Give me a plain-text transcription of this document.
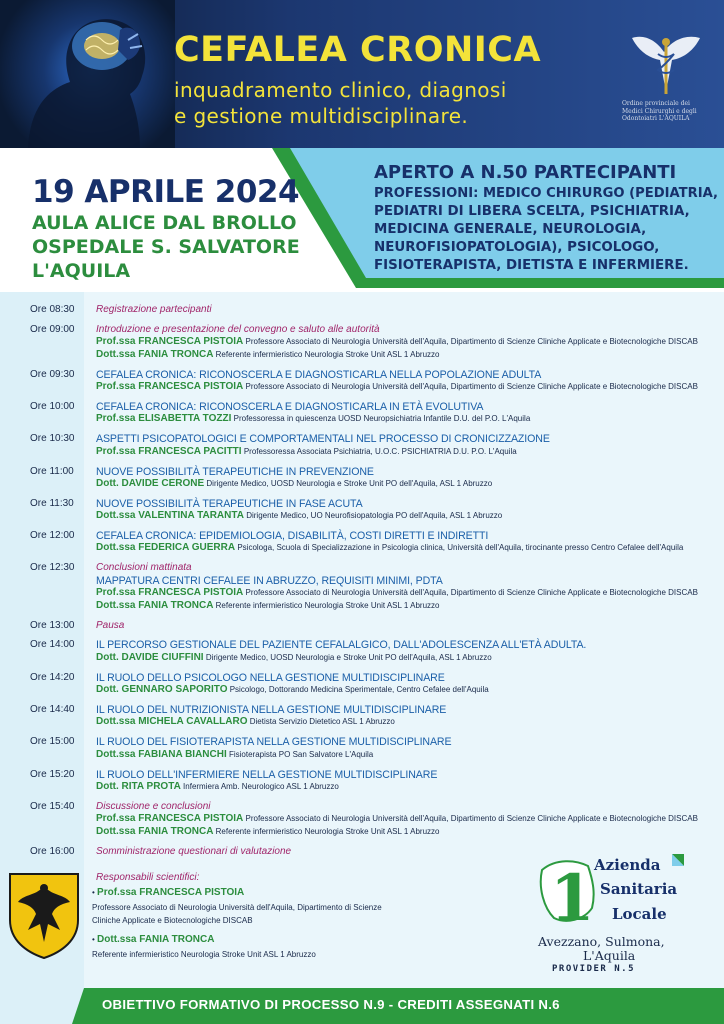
CEFALEA CRONICA
inquadramento clinico, diagnosi
e gestione multidisciplinare.
Ordine provinciale dei Medici Chirurghi e degli Odontoiatri L'AQUILA
19 APRILE 2024
AULA ALICE DAL BROLLO
OSPEDALE S. SALVATORE
L'AQUILA
APERTO A N.50 PARTECIPANTI
PROFESSIONI: MEDICO CHIRURGO (PEDIATRIA,
PEDIATRI DI LIBERA SCELTA, PSICHIATRIA,
MEDICINA GENERALE, NEUROLOGIA,
NEUROFISIOPATOLOGIA), PSICOLOGO,
FISIOTERAPISTA, DIETISTA E INFERMIERE.
Ore 08:30 Registrazione partecipanti
Ore 09:00 Introduzione e presentazione del convegno e saluto alle autorità
Prof.ssa FRANCESCA PISTOIA Professore Associato di Neurologia Università dell'Aquila, Dipartimento di Scienze Cliniche Applicate e Biotecnologiche DISCAB
Dott.ssa FANIA TRONCA Referente infermieristico Neurologia Stroke Unit ASL 1 Abruzzo
Ore 09:30 CEFALEA CRONICA: RICONOSCERLA E DIAGNOSTICARLA NELLA POPOLAZIONE ADULTA
Prof.ssa FRANCESCA PISTOIA Professore Associato di Neurologia Università dell'Aquila, Dipartimento di Scienze Cliniche Applicate e Biotecnologiche DISCAB
Ore 10:00 CEFALEA CRONICA: RICONOSCERLA E DIAGNOSTICARLA IN ETÀ EVOLUTIVA
Prof.ssa ELISABETTA TOZZI Professoressa in quiescenza UOSD Neuropsichiatria Infantile D.U. del P.O. L'Aquila
Ore 10:30 ASPETTI PSICOPATOLOGICI E COMPORTAMENTALI NEL PROCESSO DI CRONICIZZAZIONE
Prof.ssa FRANCESCA PACITTI Professoressa Associata Psichiatria, U.O.C. PSICHIATRIA D.U. P.O. L'Aquila
Ore 11:00 NUOVE POSSIBILITÀ TERAPEUTICHE IN PREVENZIONE
Dott. DAVIDE CERONE Dirigente Medico, UOSD Neurologia e Stroke Unit PO dell'Aquila, ASL 1 Abruzzo
Ore 11:30 NUOVE POSSIBILITÀ TERAPEUTICHE IN FASE ACUTA
Dott.ssa VALENTINA TARANTA Dirigente Medico, UO Neurofisiopatologia PO dell'Aquila, ASL 1 Abruzzo
Ore 12:00 CEFALEA CRONICA: EPIDEMIOLOGIA, DISABILITÀ, COSTI DIRETTI E INDIRETTI
Dott.ssa FEDERICA GUERRA Psicologa, Scuola di Specializzazione in Psicologia clinica, Università dell'Aquila, tirocinante presso Centro Cefalee dell'Aquila
Ore 12:30 Conclusioni mattinata
MAPPATURA CENTRI CEFALEE IN ABRUZZO, REQUISITI MINIMI, PDTA
Prof.ssa FRANCESCA PISTOIA Professore Associato di Neurologia Università dell'Aquila, Dipartimento di Scienze Cliniche Applicate e Biotecnologiche DISCAB
Dott.ssa FANIA TRONCA Referente infermieristico Neurologia Stroke Unit ASL 1 Abruzzo
Ore 13:00 Pausa
Ore 14:00 IL PERCORSO GESTIONALE DEL PAZIENTE CEFALALGICO, DALL'ADOLESCENZA ALL'ETÀ ADULTA.
Dott. DAVIDE CIUFFINI Dirigente Medico, UOSD Neurologia e Stroke Unit PO dell'Aquila, ASL 1 Abruzzo
Ore 14:20 IL RUOLO DELLO PSICOLOGO NELLA GESTIONE MULTIDISCIPLINARE
Dott. GENNARO SAPORITO Psicologo, Dottorando Medicina Sperimentale, Centro Cefalee dell'Aquila
Ore 14:40 IL RUOLO DEL NUTRIZIONISTA NELLA GESTIONE MULTIDISCIPLINARE
Dott.ssa MICHELA CAVALLARO Dietista Servizio Dietetico ASL 1 Abruzzo
Ore 15:00 IL RUOLO DEL FISIOTERAPISTA NELLA GESTIONE MULTIDISCIPLINARE
Dott.ssa FABIANA BIANCHI Fisioterapista PO San Salvatore L'Aquila
Ore 15:20 IL RUOLO DELL'INFERMIERE NELLA GESTIONE MULTIDISCIPLINARE
Dott. RITA PROTA Infermiera Amb. Neurologico ASL 1 Abruzzo
Ore 15:40 Discussione e conclusioni
Prof.ssa FRANCESCA PISTOIA Professore Associato di Neurologia Università dell'Aquila, Dipartimento di Scienze Cliniche Applicate e Biotecnologiche DISCAB
Dott.ssa FANIA TRONCA Referente infermieristico Neurologia Stroke Unit ASL 1 Abruzzo
Ore 16:00 Somministrazione questionari di valutazione
Responsabili scientifici:
• Prof.ssa FRANCESCA PISTOIA
Professore Associato di Neurologia Università dell'Aquila, Dipartimento di Scienze
Cliniche Applicate e Biotecnologiche DISCAB
• Dott.ssa FANIA TRONCA
Referente infermieristico Neurologia Stroke Unit ASL 1 Abruzzo
1 Azienda
Sanitaria
Locale
Avezzano, Sulmona,
L'Aquila
PROVIDER N.5
OBIETTIVO FORMATIVO DI PROCESSO N.9 - CREDITI ASSEGNATI N.6
